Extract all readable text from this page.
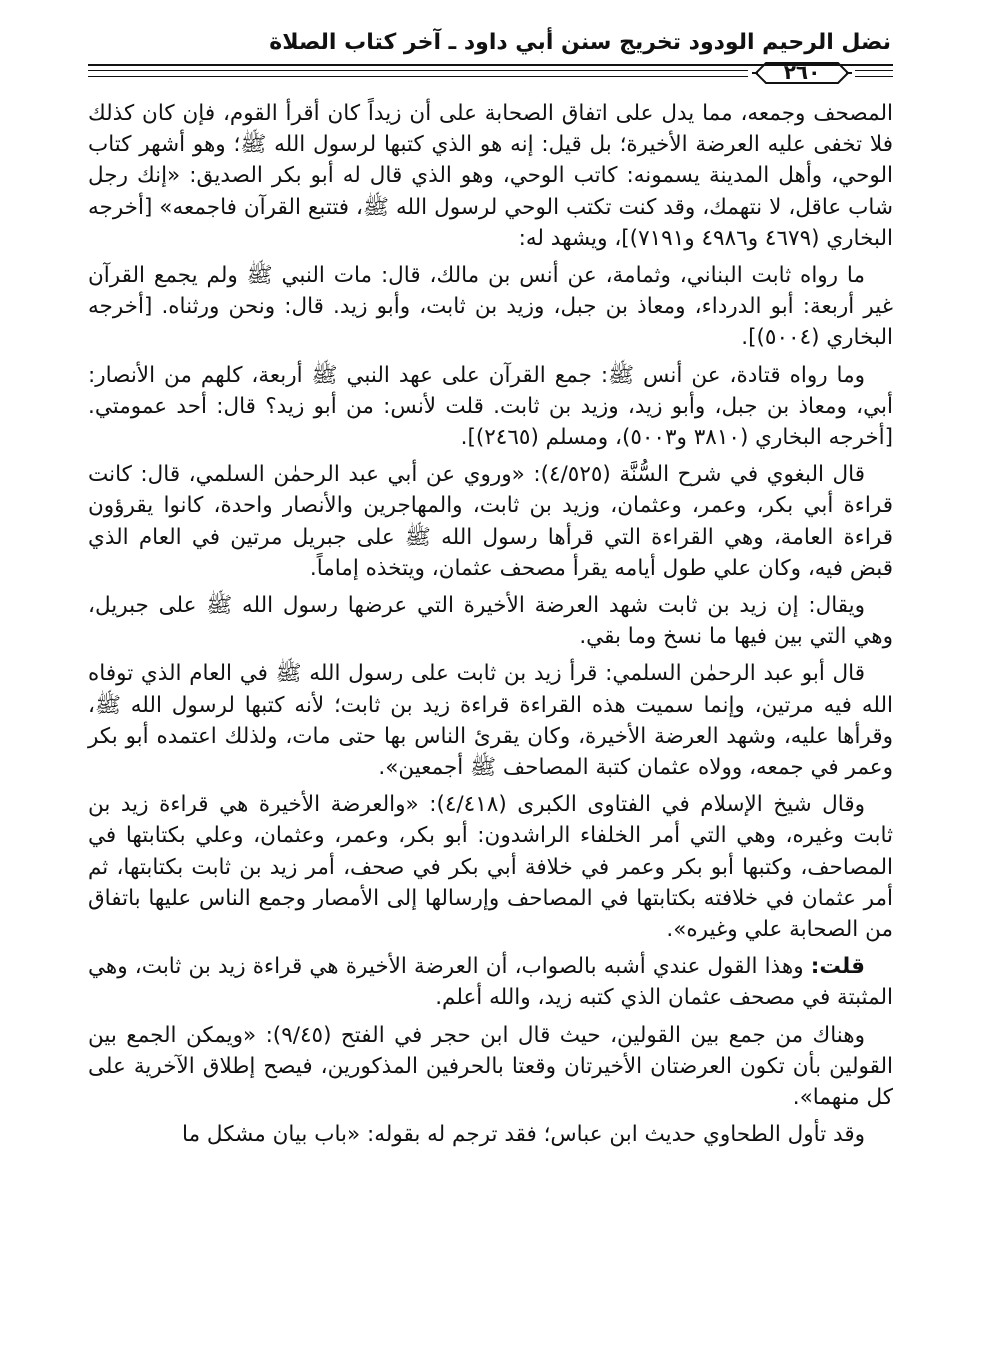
نضل الرحيم الودود تخريج سنن أبي داود ـ آخر كتاب الصلاة
٢٦٠

المصحف وجمعه، مما يدل على اتفاق الصحابة على أن زيداً كان أقرأ القوم، فإن كان كذلك فلا تخفى عليه العرضة الأخيرة؛ بل قيل: إنه هو الذي كتبها لرسول الله ﷺ؛ وهو أشهر كتاب الوحي، وأهل المدينة يسمونه: كاتب الوحي، وهو الذي قال له أبو بكر الصديق: «إنك رجل شاب عاقل، لا نتهمك، وقد كنت تكتب الوحي لرسول الله ﷺ، فتتبع القرآن فاجمعه» [أخرجه البخاري (٤٦٧٩ و٤٩٨٦ و٧١٩١)]، ويشهد له:

ما رواه ثابت البناني، وثمامة، عن أنس بن مالك، قال: مات النبي ﷺ ولم يجمع القرآن غير أربعة: أبو الدرداء، ومعاذ بن جبل، وزيد بن ثابت، وأبو زيد. قال: ونحن ورثناه. [أخرجه البخاري (٥٠٠٤)].

وما رواه قتادة، عن أنس ﷺ: جمع القرآن على عهد النبي ﷺ أربعة، كلهم من الأنصار: أبي، ومعاذ بن جبل، وأبو زيد، وزيد بن ثابت. قلت لأنس: من أبو زيد؟ قال: أحد عمومتي. [أخرجه البخاري (٣٨١٠ و٥٠٠٣)، ومسلم (٢٤٦٥)].

قال البغوي في شرح السُّنَّة (٤/٥٢٥): «وروي عن أبي عبد الرحمٰن السلمي، قال: كانت قراءة أبي بكر، وعمر، وعثمان، وزيد بن ثابت، والمهاجرين والأنصار واحدة، كانوا يقرؤون قراءة العامة، وهي القراءة التي قرأها رسول الله ﷺ على جبريل مرتين في العام الذي قبض فيه، وكان علي طول أيامه يقرأ مصحف عثمان، ويتخذه إماماً.

ويقال: إن زيد بن ثابت شهد العرضة الأخيرة التي عرضها رسول الله ﷺ على جبريل، وهي التي بين فيها ما نسخ وما بقي.

قال أبو عبد الرحمٰن السلمي: قرأ زيد بن ثابت على رسول الله ﷺ في العام الذي توفاه الله فيه مرتين، وإنما سميت هذه القراءة قراءة زيد بن ثابت؛ لأنه كتبها لرسول الله ﷺ، وقرأها عليه، وشهد العرضة الأخيرة، وكان يقرئ الناس بها حتى مات، ولذلك اعتمده أبو بكر وعمر في جمعه، وولاه عثمان كتبة المصاحف ﷺ أجمعين».

وقال شيخ الإسلام في الفتاوى الكبرى (٤/٤١٨): «والعرضة الأخيرة هي قراءة زيد بن ثابت وغيره، وهي التي أمر الخلفاء الراشدون: أبو بكر، وعمر، وعثمان، وعلي بكتابتها في المصاحف، وكتبها أبو بكر وعمر في خلافة أبي بكر في صحف، أمر زيد بن ثابت بكتابتها، ثم أمر عثمان في خلافته بكتابتها في المصاحف وإرسالها إلى الأمصار وجمع الناس عليها باتفاق من الصحابة علي وغيره».

قلت: وهذا القول عندي أشبه بالصواب، أن العرضة الأخيرة هي قراءة زيد بن ثابت، وهي المثبتة في مصحف عثمان الذي كتبه زيد، والله أعلم.

وهناك من جمع بين القولين، حيث قال ابن حجر في الفتح (٩/٤٥): «ويمكن الجمع بين القولين بأن تكون العرضتان الأخيرتان وقعتا بالحرفين المذكورين، فيصح إطلاق الآخرية على كل منهما».

وقد تأول الطحاوي حديث ابن عباس؛ فقد ترجم له بقوله: «باب بيان مشكل ما
